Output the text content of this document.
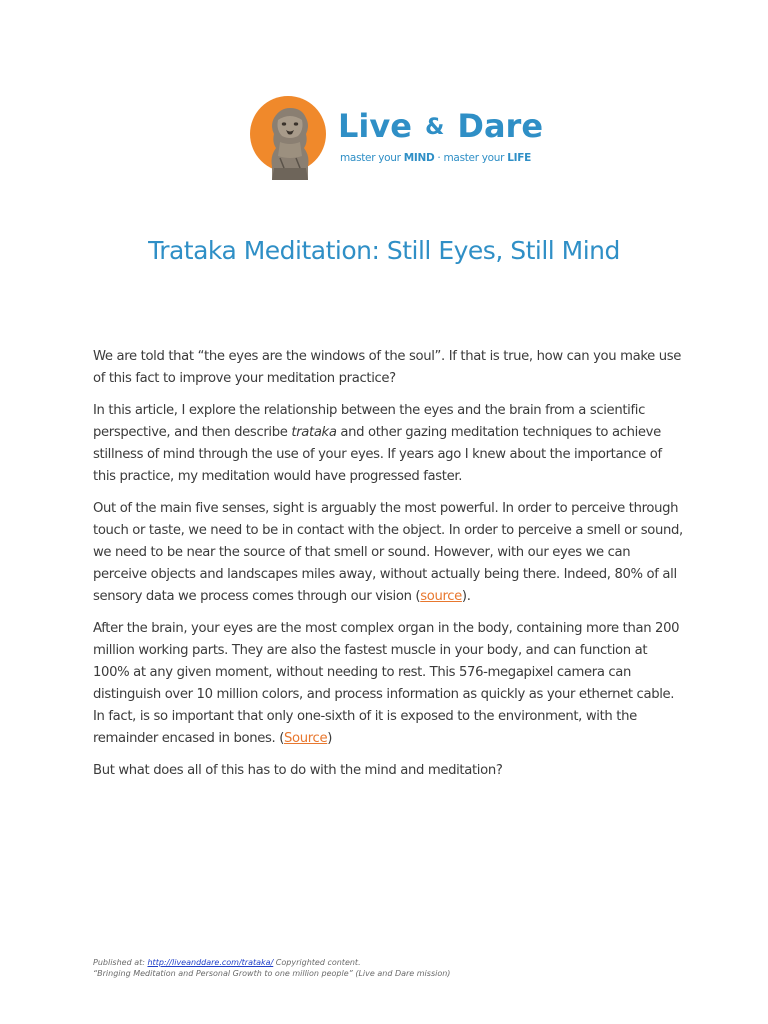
Live & Dare
master your MIND · master your LIFE
Trataka Meditation: Still Eyes, Still Mind

We are told that “the eyes are the windows of the soul”. If that is true, how can you make use of this fact to improve your meditation practice?

In this article, I explore the relationship between the eyes and the brain from a scientific perspective, and then describe trataka and other gazing meditation techniques to achieve stillness of mind through the use of your eyes. If years ago I knew about the importance of this practice, my meditation would have progressed faster.

Out of the main five senses, sight is arguably the most powerful. In order to perceive through touch or taste, we need to be in contact with the object. In order to perceive a smell or sound, we need to be near the source of that smell or sound. However, with our eyes we can perceive objects and landscapes miles away, without actually being there. Indeed, 80% of all sensory data we process comes through our vision (source).

After the brain, your eyes are the most complex organ in the body, containing more than 200 million working parts. They are also the fastest muscle in your body, and can function at 100% at any given moment, without needing to rest. This 576-megapixel camera can distinguish over 10 million colors, and process information as quickly as your ethernet cable. In fact, is so important that only one-sixth of it is exposed to the environment, with the remainder encased in bones. (Source)

But what does all of this has to do with the mind and meditation?

Published at: http://liveanddare.com/trataka/ Copyrighted content.
“Bringing Meditation and Personal Growth to one million people” (Live and Dare mission)
